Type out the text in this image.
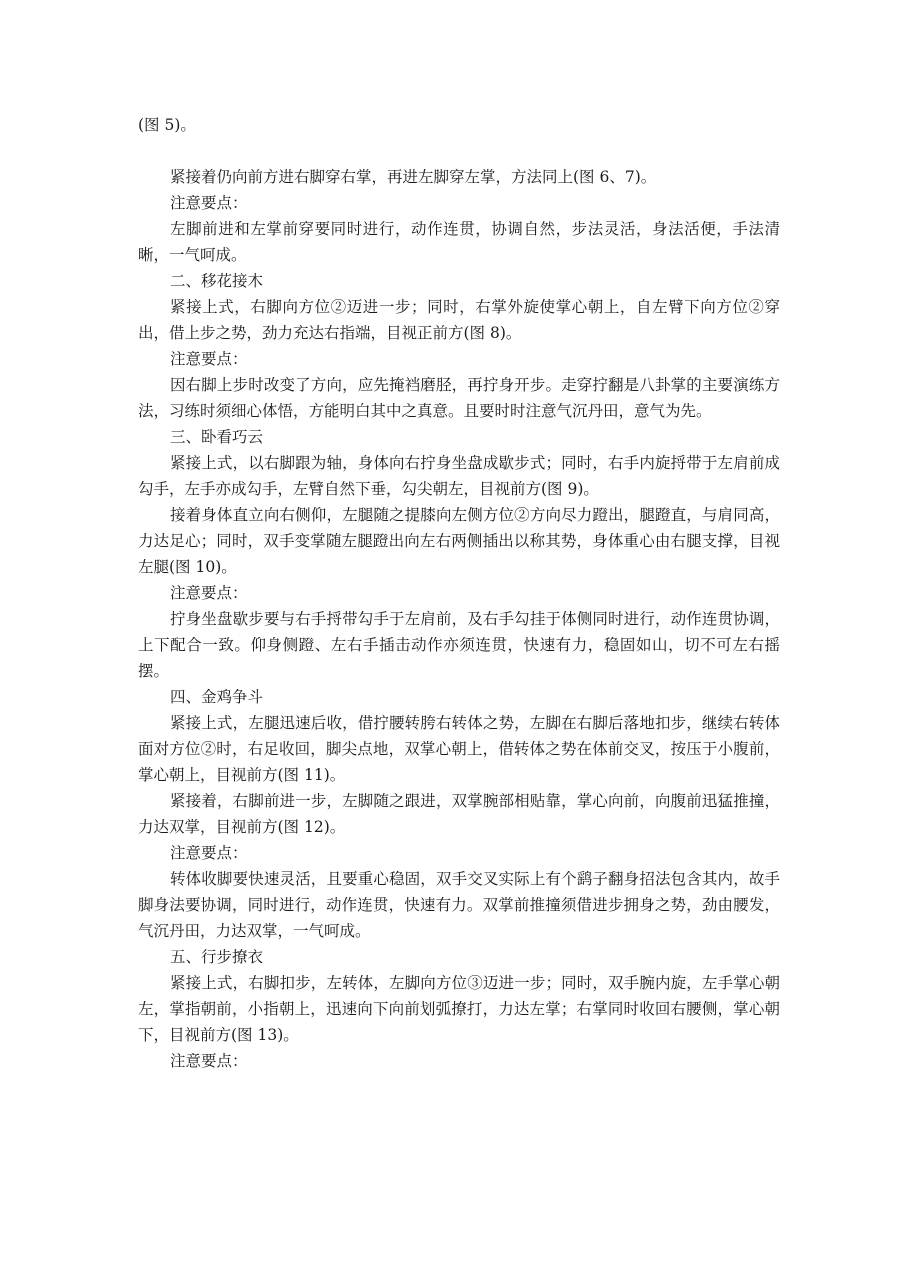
(图 5)。

紧接着仍向前方进右脚穿右掌，再进左脚穿左掌，方法同上(图 6、7)。

注意要点：

左脚前进和左掌前穿要同时进行，动作连贯，协调自然，步法灵活，身法活便，手法清晰，一气呵成。

二、移花接木

紧接上式，右脚向方位②迈进一步；同时，右掌外旋使掌心朝上，自左臂下向方位②穿出，借上步之势，劲力充达右指端，目视正前方(图 8)。

注意要点：

因右脚上步时改变了方向，应先掩裆磨胫，再拧身开步。走穿拧翻是八卦掌的主要演练方法，习练时须细心体悟，方能明白其中之真意。且要时时注意气沉丹田，意气为先。

三、卧看巧云

紧接上式，以右脚跟为轴，身体向右拧身坐盘成歇步式；同时，右手内旋捋带于左肩前成勾手，左手亦成勾手，左臂自然下垂，勾尖朝左，目视前方(图 9)。

接着身体直立向右侧仰，左腿随之提膝向左侧方位②方向尽力蹬出，腿蹬直，与肩同高，力达足心；同时，双手变掌随左腿蹬出向左右两侧插出以称其势，身体重心由右腿支撑，目视左腿(图 10)。

注意要点：

拧身坐盘歇步要与右手捋带勾手于左肩前，及右手勾挂于体侧同时进行，动作连贯协调，上下配合一致。仰身侧蹬、左右手插击动作亦须连贯，快速有力，稳固如山，切不可左右摇摆。

四、金鸡争斗

紧接上式，左腿迅速后收，借拧腰转胯右转体之势，左脚在右脚后落地扣步，继续右转体面对方位②时，右足收回，脚尖点地，双掌心朝上，借转体之势在体前交叉，按压于小腹前，掌心朝上，目视前方(图 11)。

紧接着，右脚前进一步，左脚随之跟进，双掌腕部相贴靠，掌心向前，向腹前迅猛推撞，力达双掌，目视前方(图 12)。

注意要点：

转体收脚要快速灵活，且要重心稳固，双手交叉实际上有个鹞子翻身招法包含其内，故手脚身法要协调，同时进行，动作连贯，快速有力。双掌前推撞须借进步拥身之势，劲由腰发，气沉丹田，力达双掌，一气呵成。

五、行步撩衣

紧接上式，右脚扣步，左转体，左脚向方位③迈进一步；同时，双手腕内旋，左手掌心朝左，掌指朝前，小指朝上，迅速向下向前划弧撩打，力达左掌；右掌同时收回右腰侧，掌心朝下，目视前方(图 13)。

注意要点：
